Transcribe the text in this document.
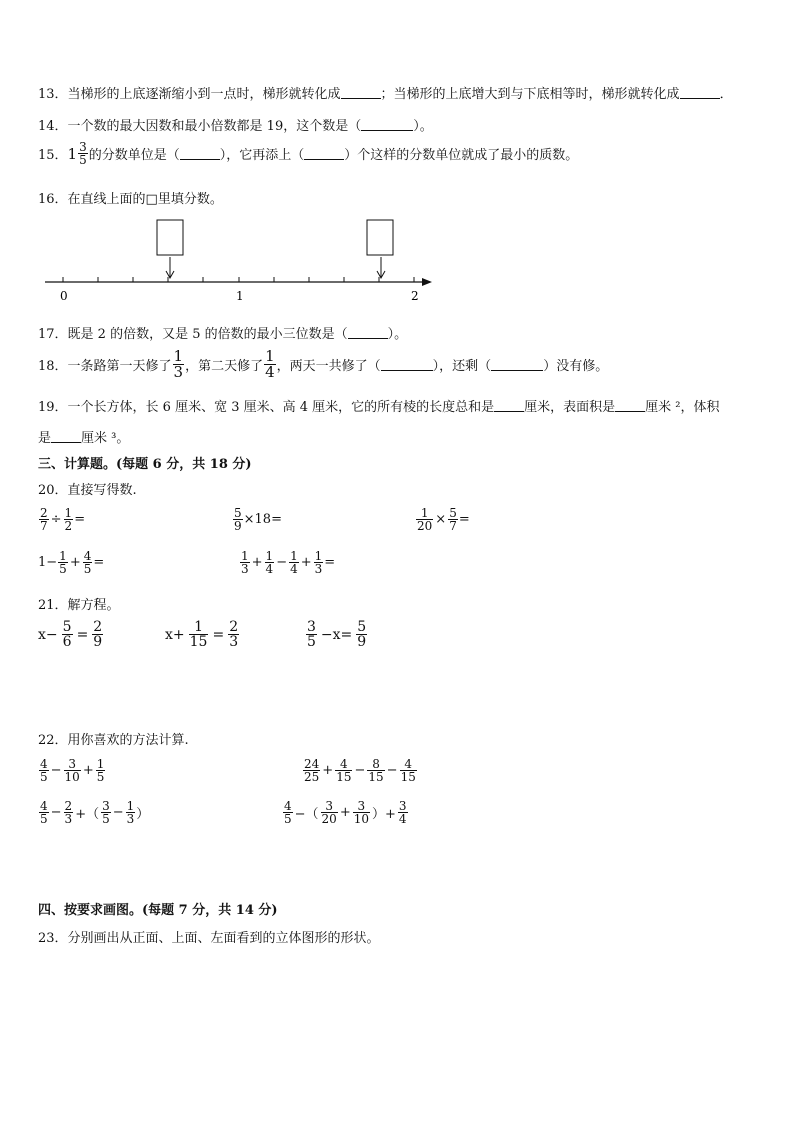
13．当梯形的上底逐渐缩小到一点时，梯形就转化成	；当梯形的上底增大到与下底相等时，梯形就转化成	．
14．一个数的最大因数和最小倍数都是 19，这个数是（	）。
15． $1 \frac{3}{5}$ 的分数单位是（	），它再添上（	）个这样的分数单位就成了最小的质数。
16．在直线上面的□里填分数。
0	1	2
17．既是 2 的倍数，又是 5 的倍数的最小三位数是（	）。
18．一条路第一天修了 $\frac{1}{3}$ ，第二天修了 $\frac{1}{4}$ ，两天一共修了（	），还剩（	）没有修。
19．一个长方体，长 6 厘米、宽 3 厘米、高 4 厘米，它的所有棱的长度总和是 厘米，表面积是 厘米 ²，体积
是 厘米 ³。
三、计算题。(每题 6 分，共 18 分)
20．直接写得数.
$\frac{2}{7} \div \frac{1}{2}$ =	$\frac{5}{9} \times 18=$	$\frac{1}{20} \times \frac{5}{7}$ =
$1- \frac{1}{5} + \frac{4}{5}$ =	$\frac{1}{3} + \frac{1}{4} - \frac{1}{4} + \frac{1}{3}$ =
21．解方程。
$x- \frac{5}{6} = \frac{2}{9}$	$x+ \frac{1}{15} = \frac{2}{3}$	$\frac{3}{5} -x= \frac{5}{9}$
22．用你喜欢的方法计算.
$\frac{4}{5} - \frac{3}{10} + \frac{1}{5}$	$\frac{24}{25} + \frac{4}{15} - \frac{8}{15} - \frac{4}{15}$
$\frac{4}{5} - \frac{2}{3}$ +（ $\frac{3}{5} - \frac{1}{3}$ ）	$\frac{4}{5}$ −（ $\frac{3}{20} + \frac{3}{10}$ ）+ $\frac{3}{4}$
四、按要求画图。(每题 7 分，共 14 分)
23．分别画出从正面、上面、左面看到的立体图形的形状。
